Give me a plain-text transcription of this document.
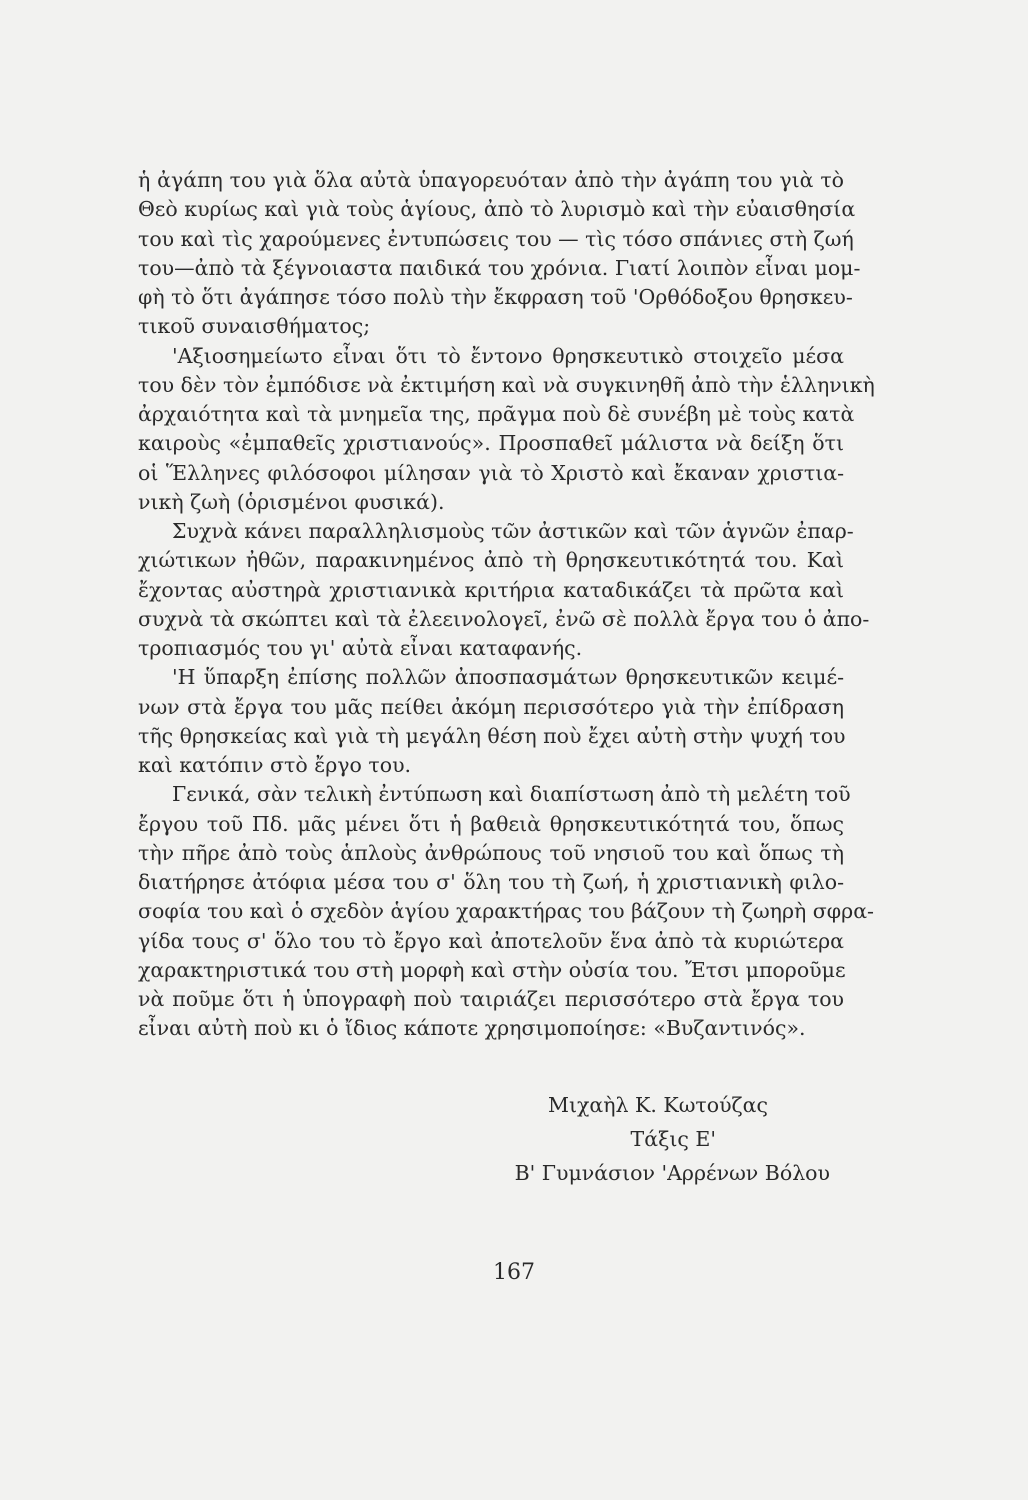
ἡ ἀγάπη του γιὰ ὅλα αὐτὰ ὑπαγορευόταν ἀπὸ τὴν ἀγάπη του γιὰ τὸ
Θεὸ κυρίως καὶ γιὰ τοὺς ἁγίους, ἀπὸ τὸ λυρισμὸ καὶ τὴν εὐαισθησία
του καὶ τὶς χαρούμενες ἐντυπώσεις του — τὶς τόσο σπάνιες στὴ ζωή
του—ἀπὸ τὰ ξέγνοιαστα παιδικά του χρόνια. Γιατί λοιπὸν εἶναι μομ-
φὴ τὸ ὅτι ἀγάπησε τόσο πολὺ τὴν ἔκφραση τοῦ 'Ορθόδοξου θρησκευ-
τικοῦ συναισθήματος;
'Αξιοσημείωτο εἶναι ὅτι τὸ ἔντονο θρησκευτικὸ στοιχεῖο μέσα
του δὲν τὸν ἐμπόδισε νὰ ἐκτιμήση καὶ νὰ συγκινηθῆ ἀπὸ τὴν ἑλληνικὴ
ἀρχαιότητα καὶ τὰ μνημεῖα της, πρᾶγμα ποὺ δὲ συνέβη μὲ τοὺς κατὰ
καιροὺς «ἐμπαθεῖς χριστιανούς». Προσπαθεῖ μάλιστα νὰ δείξη ὅτι
οἱ Ἕλληνες φιλόσοφοι μίλησαν γιὰ τὸ Χριστὸ καὶ ἔκαναν χριστια-
νικὴ ζωὴ (ὁρισμένοι φυσικά).
Συχνὰ κάνει παραλληλισμοὺς τῶν ἀστικῶν καὶ τῶν ἁγνῶν ἐπαρ-
χιώτικων ἠθῶν, παρακινημένος ἀπὸ τὴ θρησκευτικότητά του. Καὶ
ἔχοντας αὐστηρὰ χριστιανικὰ κριτήρια καταδικάζει τὰ πρῶτα καὶ
συχνὰ τὰ σκώπτει καὶ τὰ ἐλεεινολογεῖ, ἐνῶ σὲ πολλὰ ἔργα του ὁ ἀπο-
τροπιασμός του γι' αὐτὰ εἶναι καταφανής.
'Η ὕπαρξη ἐπίσης πολλῶν ἀποσπασμάτων θρησκευτικῶν κειμέ-
νων στὰ ἔργα του μᾶς πείθει ἀκόμη περισσότερο γιὰ τὴν ἐπίδραση
τῆς θρησκείας καὶ γιὰ τὴ μεγάλη θέση ποὺ ἔχει αὐτὴ στὴν ψυχή του
καὶ κατόπιν στὸ ἔργο του.
Γενικά, σὰν τελικὴ ἐντύπωση καὶ διαπίστωση ἀπὸ τὴ μελέτη τοῦ
ἔργου τοῦ Πδ. μᾶς μένει ὅτι ἡ βαθειὰ θρησκευτικότητά του, ὅπως
τὴν πῆρε ἀπὸ τοὺς ἁπλοὺς ἀνθρώπους τοῦ νησιοῦ του καὶ ὅπως τὴ
διατήρησε ἀτόφια μέσα του σ' ὅλη του τὴ ζωή, ἡ χριστιανικὴ φιλο-
σοφία του καὶ ὁ σχεδὸν ἁγίου χαρακτήρας του βάζουν τὴ ζωηρὴ σφρα-
γίδα τους σ' ὅλο του τὸ ἔργο καὶ ἀποτελοῦν ἕνα ἀπὸ τὰ κυριώτερα
χαρακτηριστικά του στὴ μορφὴ καὶ στὴν οὐσία του. Ἔτσι μποροῦμε
νὰ ποῦμε ὅτι ἡ ὑπογραφὴ ποὺ ταιριάζει περισσότερο στὰ ἔργα του
εἶναι αὐτὴ ποὺ κι ὁ ἴδιος κάποτε χρησιμοποίησε: «Βυζαντινός».
Μιχαὴλ Κ. Κωτούζας
Τάξις Ε'
Β' Γυμνάσιον 'Αρρένων Βόλου
167
